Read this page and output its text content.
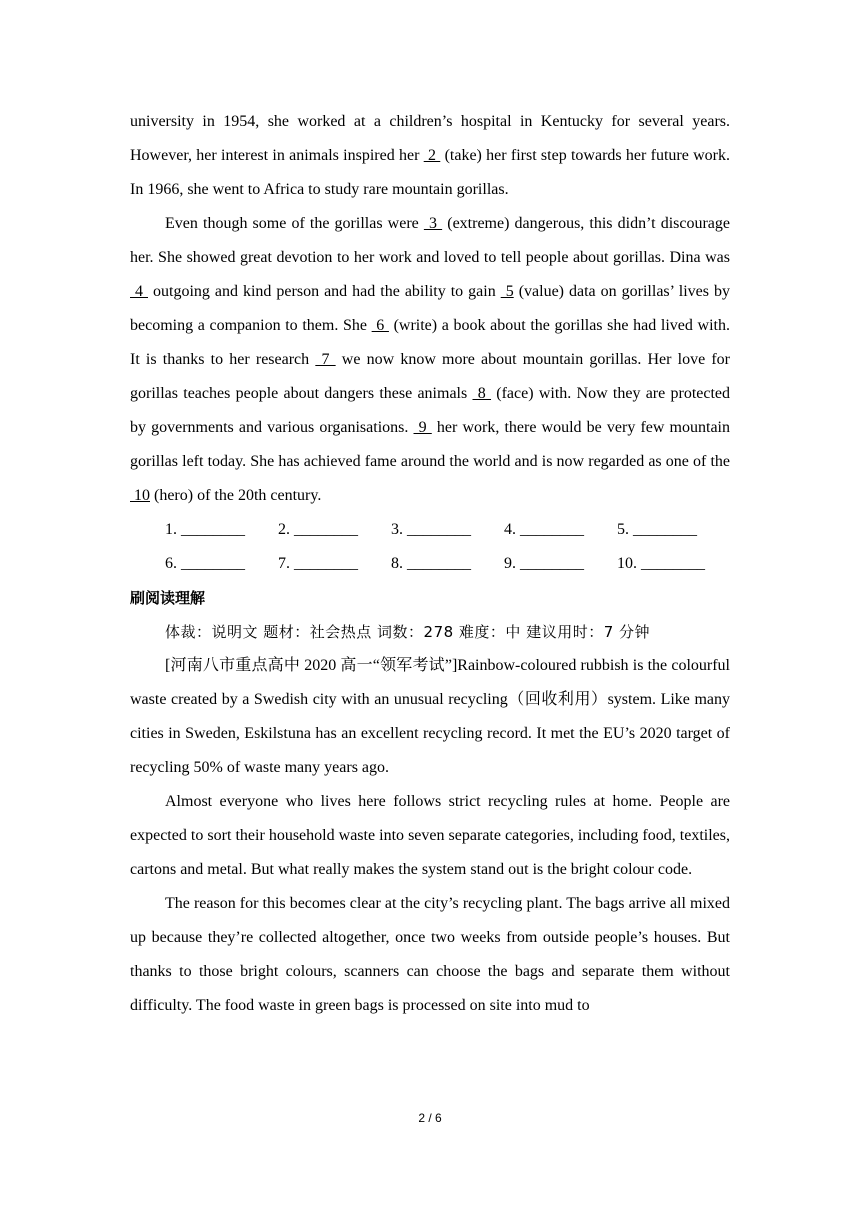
university in 1954, she worked at a children’s hospital in Kentucky for several years. However, her interest in animals inspired her  2  (take) her first step towards her future work. In 1966, she went to Africa to study rare mountain gorillas.

Even though some of the gorillas were  3  (extreme) dangerous, this didn’t discourage her. She showed great devotion to her work and loved to tell people about gorillas. Dina was  4  outgoing and kind person and had the ability to gain  5 (value) data on gorillas’ lives by becoming a companion to them. She  6  (write) a book about the gorillas she had lived with. It is thanks to her research  7  we now know more about mountain gorillas. Her love for gorillas teaches people about dangers these animals  8  (face) with. Now they are protected by governments and various organisations.  9  her work, there would be very few mountain gorillas left today. She has achieved fame around the world and is now regarded as one of the  10 (hero) of the 20th century.

1. ________	2. ________	3. ________	4. ________	5. ________
6. ________	7. ________	8. ________	9. ________	10. ________

刷阅读理解

体裁：说明文 题材：社会热点 词数：278 难度：中 建议用时：7 分钟

[河南八市重点高中 2020 高一“领军考试”]Rainbow-coloured rubbish is the colourful waste created by a Swedish city with an unusual recycling（回收利用）system. Like many cities in Sweden, Eskilstuna has an excellent recycling record. It met the EU’s 2020 target of recycling 50% of waste many years ago.

Almost everyone who lives here follows strict recycling rules at home. People are expected to sort their household waste into seven separate categories, including food, textiles, cartons and metal. But what really makes the system stand out is the bright colour code.

The reason for this becomes clear at the city’s recycling plant. The bags arrive all mixed up because they’re collected altogether, once two weeks from outside people’s houses. But thanks to those bright colours, scanners can choose the bags and separate them without difficulty. The food waste in green bags is processed on site into mud to

2 / 6
